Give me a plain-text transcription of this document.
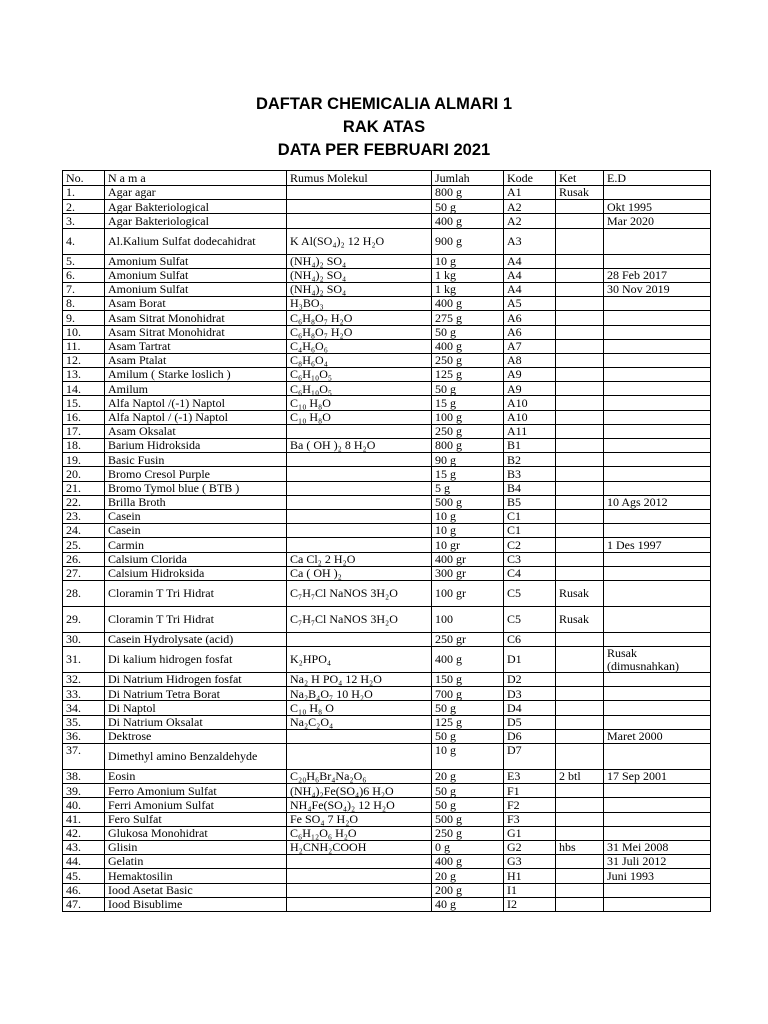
DAFTAR CHEMICALIA ALMARI 1
RAK ATAS
DATA PER FEBRUARI 2021
No.	N a m a	Rumus Molekul	Jumlah	Kode	Ket	E.D
1.	Agar agar		800 g	A1	Rusak	
2.	Agar Bakteriological		50 g	A2		Okt 1995
3.	Agar Bakteriological		400 g	A2		Mar 2020
4.	Al.Kalium Sulfat dodecahidrat	K Al(SO₄)₂ 12 H₂O	900 g	A3		
5.	Amonium Sulfat	(NH₄)₂ SO₄	10 g	A4		
6.	Amonium Sulfat	(NH₄)₂ SO₄	1 kg	A4		28 Feb 2017
7.	Amonium Sulfat	(NH₄)₂ SO₄	1 kg	A4		30 Nov 2019
8.	Asam Borat	H₃BO₃	400 g	A5		
9.	Asam Sitrat Monohidrat	C₆H₈O₇ H₂O	275 g	A6		
10.	Asam Sitrat Monohidrat	C₆H₈O₇ H₂O	50 g	A6		
11.	Asam Tartrat	C₄H₆O₆	400 g	A7		
12.	Asam Ptalat	C₈H₆O₄	250 g	A8		
13.	Amilum ( Starke loslich )	C₆H₁₀O₅	125 g	A9		
14.	Amilum	C₆H₁₀O₅	50 g	A9		
15.	Alfa Naptol /(-1) Naptol	C₁₀ H₈O	15 g	A10		
16.	Alfa Naptol / (-1) Naptol	C₁₀ H₈O	100 g	A10		
17.	Asam Oksalat		250 g	A11		
18.	Barium Hidroksida	Ba ( OH )₂ 8 H₂O	800 g	B1		
19.	Basic Fusin		90 g	B2		
20.	Bromo Cresol Purple		15 g	B3		
21.	Bromo Tymol blue ( BTB )		5 g	B4		
22.	Brilla Broth		500 g	B5		10 Ags 2012
23.	Casein		10 g	C1		
24.	Casein		10 g	C1		
25.	Carmin		10 gr	C2		1 Des 1997
26.	Calsium Clorida	Ca Cl₂ 2 H₂O	400 gr	C3		
27.	Calsium Hidroksida	Ca ( OH )₂	300 gr	C4		
28.	Cloramin T Tri Hidrat	C₇H₇Cl NaNOS 3H₂O	100 gr	C5	Rusak	
29.	Cloramin T Tri Hidrat	C₇H₇Cl NaNOS 3H₂O	100	C5	Rusak	
30.	Casein Hydrolysate (acid)		250 gr	C6		
31.	Di kalium hidrogen fosfat	K₂HPO₄	400 g	D1		Rusak (dimusnahkan)
32.	Di Natrium Hidrogen fosfat	Na₂ H PO₄ 12 H₂O	150 g	D2		
33.	Di Natrium Tetra Borat	Na₂B₄O₇ 10 H₂O	700 g	D3		
34.	Di Naptol	C₁₀ H₈ O	50 g	D4		
35.	Di Natrium Oksalat	Na₂C₂O₄	125 g	D5		
36.	Dektrose		50 g	D6		Maret 2000
37.	Dimethyl amino Benzaldehyde		10 g	D7		
38.	Eosin	C₂₀H₆Br₄Na₂O₆	20 g	E3	2 btl	17 Sep 2001
39.	Ferro Amonium Sulfat	(NH₄)₂Fe(SO₄)6 H₂O	50 g	F1		
40.	Ferri Amonium Sulfat	NH₄Fe(SO₄)₂ 12 H₂O	50 g	F2		
41.	Fero Sulfat	Fe SO₄ 7 H₂O	500 g	F3		
42.	Glukosa Monohidrat	C₆H₁₂O₆ H₂O	250 g	G1		
43.	Glisin	H₂CNH₂COOH	0 g	G2	hbs	31 Mei 2008
44.	Gelatin		400 g	G3		31 Juli 2012
45.	Hemaktosilin		20 g	H1		Juni 1993
46.	Iood Asetat Basic		200 g	I1		
47.	Iood Bisublime		40 g	I2		
